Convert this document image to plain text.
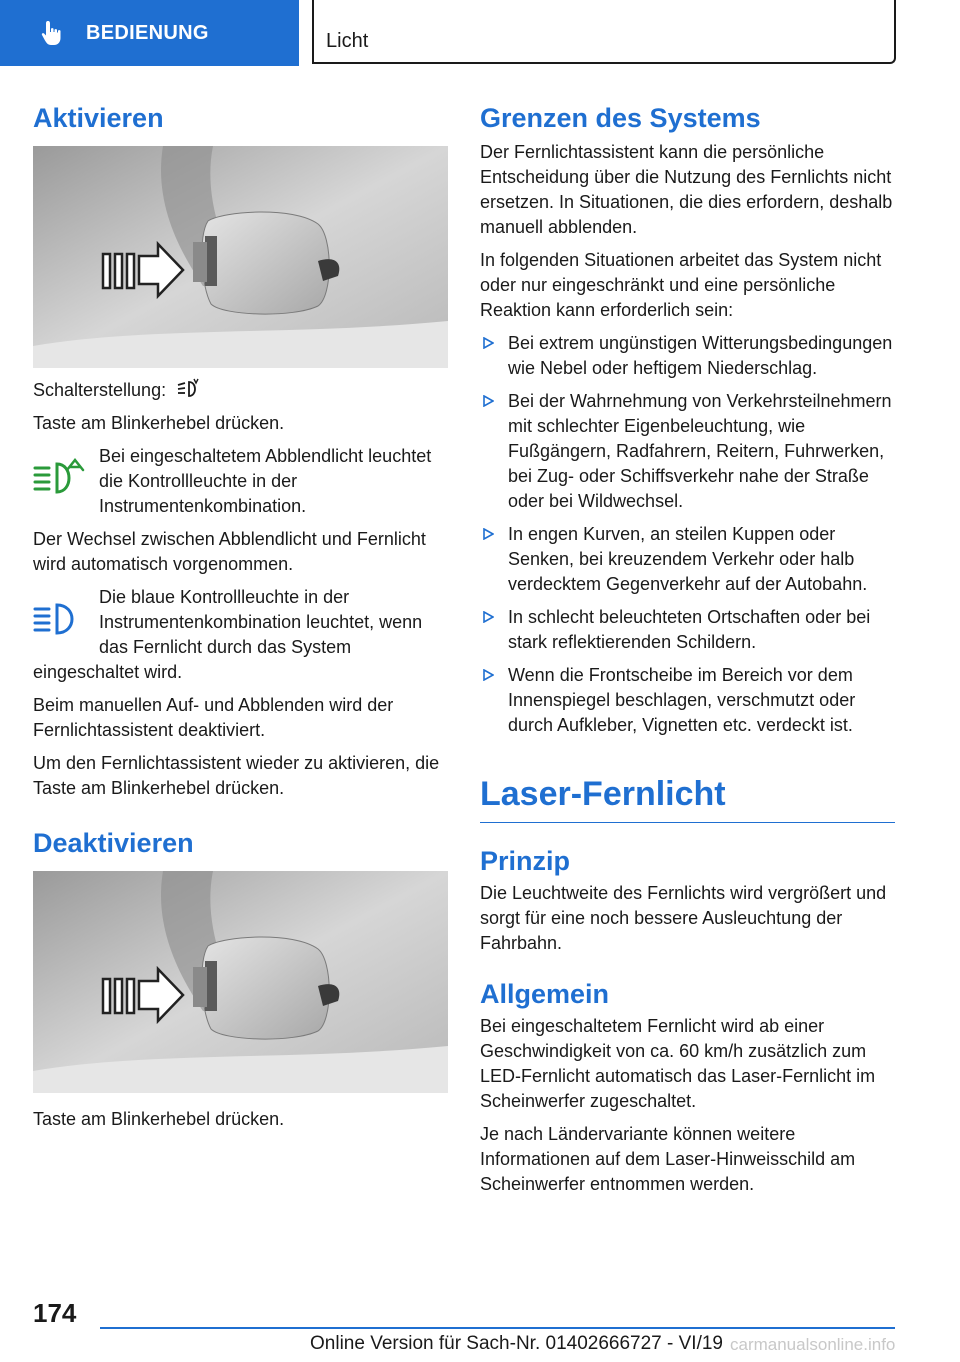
BEDIENUNG	Licht
Aktivieren

Schalterstellung:

Taste am Blinkerhebel drücken.

Bei eingeschaltetem Abblendlicht leuchtet die Kontrollleuchte in der Instrumentenkombination.

Der Wechsel zwischen Abblendlicht und Fernlicht wird automatisch vorgenommen.

Die blaue Kontrollleuchte in der Instrumentenkombination leuchtet, wenn das Fernlicht durch das System eingeschaltet wird.

Beim manuellen Auf- und Abblenden wird der Fernlichtassistent deaktiviert.

Um den Fernlichtassistent wieder zu aktivieren, die Taste am Blinkerhebel drücken.

Deaktivieren

Taste am Blinkerhebel drücken.

Grenzen des Systems

Der Fernlichtassistent kann die persönliche Entscheidung über die Nutzung des Fernlichts nicht ersetzen. In Situationen, die dies erfordern, deshalb manuell abblenden.

In folgenden Situationen arbeitet das System nicht oder nur eingeschränkt und eine persönliche Reaktion kann erforderlich sein:

Bei extrem ungünstigen Witterungsbedingungen wie Nebel oder heftigem Niederschlag.
Bei der Wahrnehmung von Verkehrsteilnehmern mit schlechter Eigenbeleuchtung, wie Fußgängern, Radfahrern, Reitern, Fuhrwerken, bei Zug- oder Schiffsverkehr nahe der Straße oder bei Wildwechsel.
In engen Kurven, an steilen Kuppen oder Senken, bei kreuzendem Verkehr oder halb verdecktem Gegenverkehr auf der Autobahn.
In schlecht beleuchteten Ortschaften oder bei stark reflektierenden Schildern.
Wenn die Frontscheibe im Bereich vor dem Innenspiegel beschlagen, verschmutzt oder durch Aufkleber, Vignetten etc. verdeckt ist.
Laser-Fernlicht
Prinzip

Die Leuchtweite des Fernlichts wird vergrößert und sorgt für eine noch bessere Ausleuchtung der Fahrbahn.

Allgemein

Bei eingeschaltetem Fernlicht wird ab einer Geschwindigkeit von ca. 60 km/h zusätzlich zum LED-Fernlicht automatisch das Laser-Fernlicht im Scheinwerfer zugeschaltet.

Je nach Ländervariante können weitere Informationen auf dem Laser-Hinweisschild am Scheinwerfer entnommen werden.

174
Online Version für Sach-Nr. 01402666727 - VI/19 carmanualsonline.info
